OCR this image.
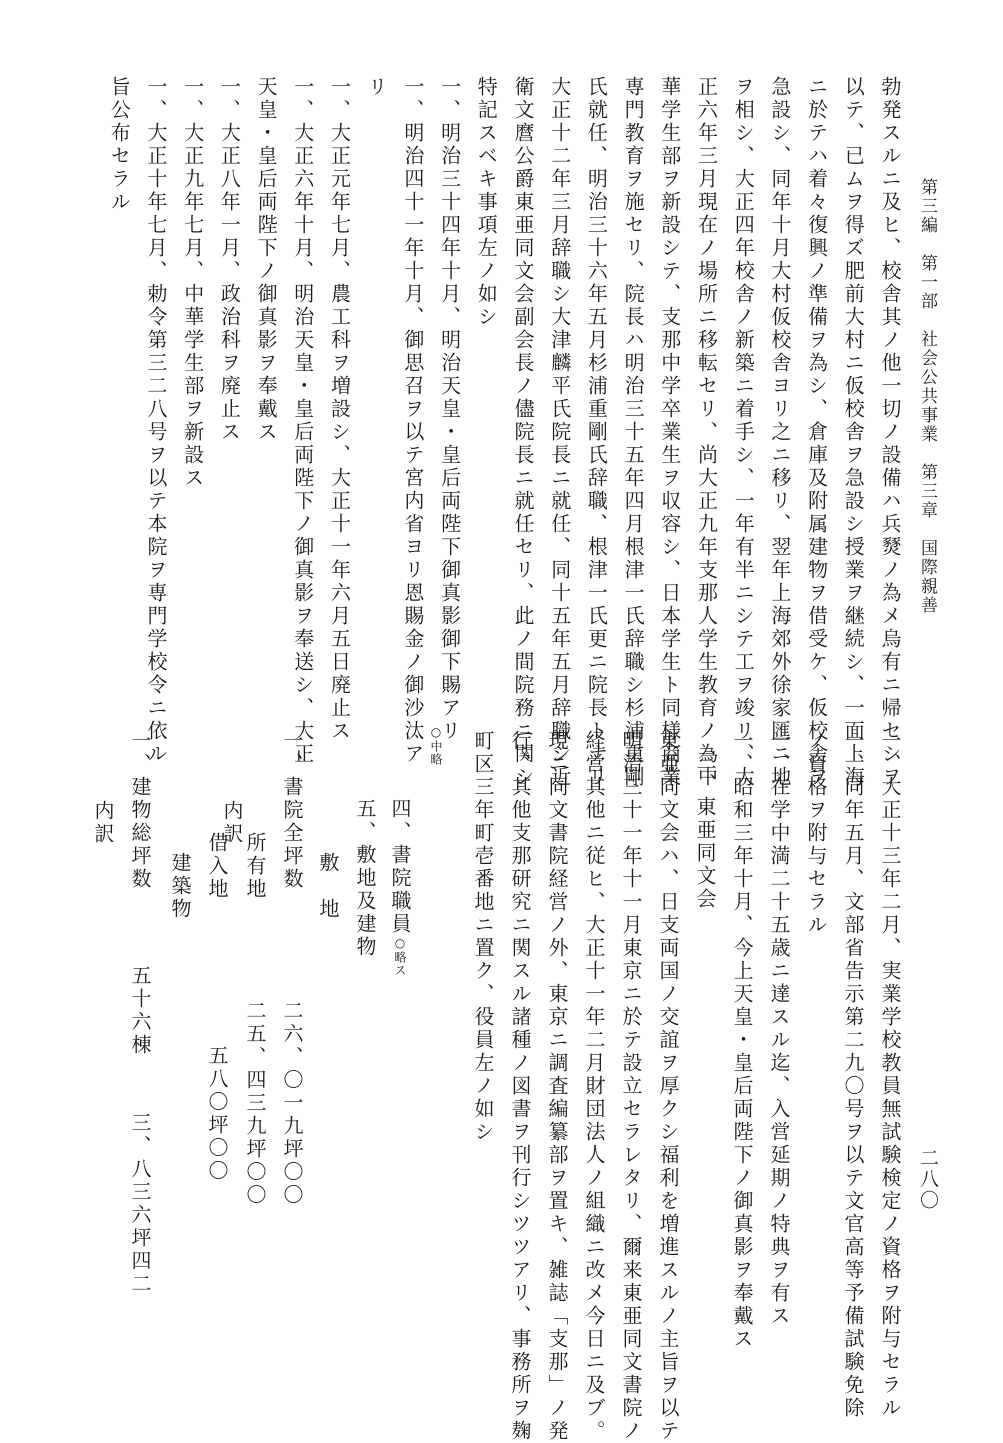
第三編　第一部　社会公共事業　第三章　国際親善
二八〇
勃発スルニ及ヒ、校舎其ノ他一切ノ設備ハ兵燹ノ為メ烏有ニ帰セシヲ
以テ、已ムヲ得ズ肥前大村ニ仮校舎ヲ急設シ授業ヲ継続シ、一面上海
ニ於テハ着々復興ノ準備ヲ為シ、倉庫及附属建物ヲ借受ケ、仮校舎ヲ
急設シ、同年十月大村仮校舎ヨリ之ニ移リ、翌年上海郊外徐家匯ニ地
ヲ相シ、大正四年校舎ノ新築ニ着手シ、一年有半ニシテ工ヲ竣リ、大
正六年三月現在ノ場所ニ移転セリ、尚大正九年支那人学生教育ノ為中
華学生部ヲ新設シテ、支那中学卒業生ヲ収容シ、日本学生ト同様商業
専門教育ヲ施セリ、院長ハ明治三十五年四月根津一氏辞職シ杉浦重剛
氏就任、明治三十六年五月杉浦重剛氏辞職、根津一氏更ニ院長トナリ
大正十二年三月辞職シ大津麟平氏院長ニ就任、同十五年五月辞職シ近
衛文麿公爵東亜同文会副会長ノ儘院長ニ就任セリ、此ノ間院務ニ関シ
特記スベキ事項左ノ如シ
一、明治三十四年十月、明治天皇・皇后両陛下御真影御下賜アリ
一、明治四十一年十月、御思召ヲ以テ宮内省ヨリ恩賜金ノ御沙汰ア
リ
一、大正元年七月、農工科ヲ増設シ、大正十一年六月五日廃止ス
一、大正六年十月、明治天皇・皇后両陛下ノ御真影ヲ奉送シ、大正
天皇・皇后両陛下ノ御真影ヲ奉戴ス
一、大正八年一月、政治科ヲ廃止ス
一、大正九年七月、中華学生部ヲ新設ス
一、大正十年七月、勅令第三二八号ヲ以テ本院ヲ専門学校令ニ依ル
旨公布セラル
一、大正十三年二月、実業学校教員無試験検定ノ資格ヲ附与セラル
一、同年五月、文部省告示第二九〇号ヲ以テ文官高等予備試験免除
ノ資格ヲ附与セラル
一、在学中満二十五歳ニ達スル迄、入営延期ノ特典ヲ有ス
一、昭和三年十月、今上天皇・皇后両陛下ノ御真影ヲ奉戴ス
三、東亜同文会
東亜同文会ハ、日支両国ノ交誼ヲ厚クシ福利を増進スルノ主旨ヲ以テ
明治三十一年十一月東京ニ於テ設立セラレタリ、爾来東亜同文書院ノ
経営其他ニ従ヒ、大正十一年二月財団法人ノ組織ニ改メ今日ニ及ブ。
現ニ同文書院経営ノ外、東京ニ調査編纂部ヲ置キ、雑誌「支那」ノ発
行、其他支那研究ニ関スル諸種ノ図書ヲ刊行シツツアリ、事務所ヲ麹
町区三年町壱番地ニ置ク、役員左ノ如シ
○中略
四、書院職員○略ス
五、敷地及建物
敷　地
一、書院全坪数
二六、〇一九坪〇〇
内訳
所有地
二五、四三九坪〇〇
借入地
五八〇坪〇〇
建築物
一、建物総坪数
五十六棟
三、八三六坪四二
内訳
